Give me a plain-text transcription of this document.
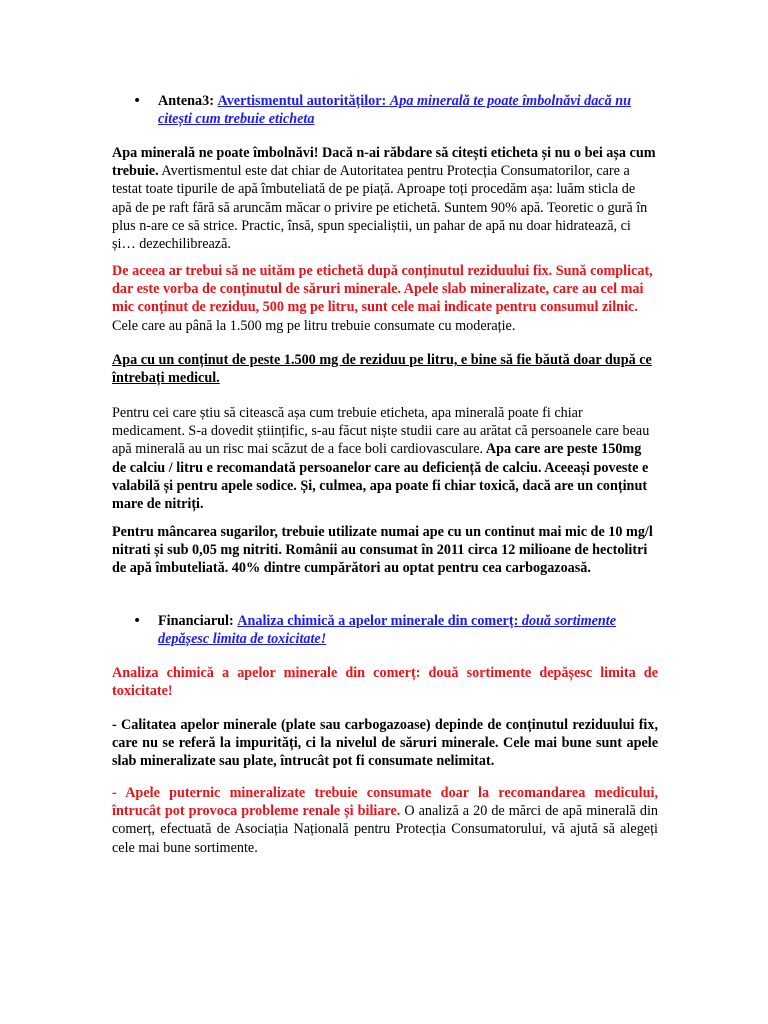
•
Antena3: Avertismentul autorităților: Apa minerală te poate îmbolnăvi dacă nu citești cum trebuie eticheta
Apa minerală ne poate îmbolnăvi! Dacă n-ai răbdare să citești eticheta și nu o bei așa cum trebuie. Avertismentul este dat chiar de Autoritatea pentru Protecția Consumatorilor, care a testat toate tipurile de apă îmbuteliată de pe piață. Aproape toți procedăm așa: luăm sticla de apă de pe raft fără să aruncăm măcar o privire pe etichetă. Suntem 90% apă. Teoretic o gură în plus n-are ce să strice. Practic, însă, spun specialiștii, un pahar de apă nu doar hidratează, ci și… dezechilibrează.
De aceea ar trebui să ne uităm pe etichetă după conținutul reziduului fix. Sună complicat, dar este vorba de conținutul de săruri minerale. Apele slab mineralizate, care au cel mai mic conținut de reziduu, 500 mg pe litru, sunt cele mai indicate pentru consumul zilnic. Cele care au până la 1.500 mg pe litru trebuie consumate cu moderație.
Apa cu un conținut de peste 1.500 mg de reziduu pe litru, e bine să fie băută doar după ce întrebați medicul.
Pentru cei care știu să citească așa cum trebuie eticheta, apa minerală poate fi chiar medicament. S-a dovedit științific, s-au făcut niște studii care au arătat că persoanele care beau apă minerală au un risc mai scăzut de a face boli cardiovasculare. Apa care are peste 150mg de calciu / litru e recomandată persoanelor care au deficiență de calciu. Aceeași poveste e valabilă și pentru apele sodice. Și, culmea, apa poate fi chiar toxică, dacă are un conținut mare de nitriți.
Pentru mâncarea sugarilor, trebuie utilizate numai ape cu un continut mai mic de 10 mg/l nitrati și sub 0,05 mg nitriti. Românii au consumat în 2011 circa 12 milioane de hectolitri de apă îmbuteliată. 40% dintre cumpărători au optat pentru cea carbogazoasă.
•
Financiarul: Analiza chimică a apelor minerale din comerț: două sortimente depășesc limita de toxicitate!
Analiza chimică a apelor minerale din comerț: două sortimente depășesc limita de toxicitate!
- Calitatea apelor minerale (plate sau carbogazoase) depinde de conținutul reziduului fix, care nu se referă la impurități, ci la nivelul de săruri minerale. Cele mai bune sunt apele slab mineralizate sau plate, întrucât pot fi consumate nelimitat.
- Apele puternic mineralizate trebuie consumate doar la recomandarea medicului, întrucât pot provoca probleme renale și biliare. O analiză a 20 de mărci de apă minerală din comerț, efectuată de Asociația Națională pentru Protecția Consumatorului, vă ajută să alegeți cele mai bune sortimente.
